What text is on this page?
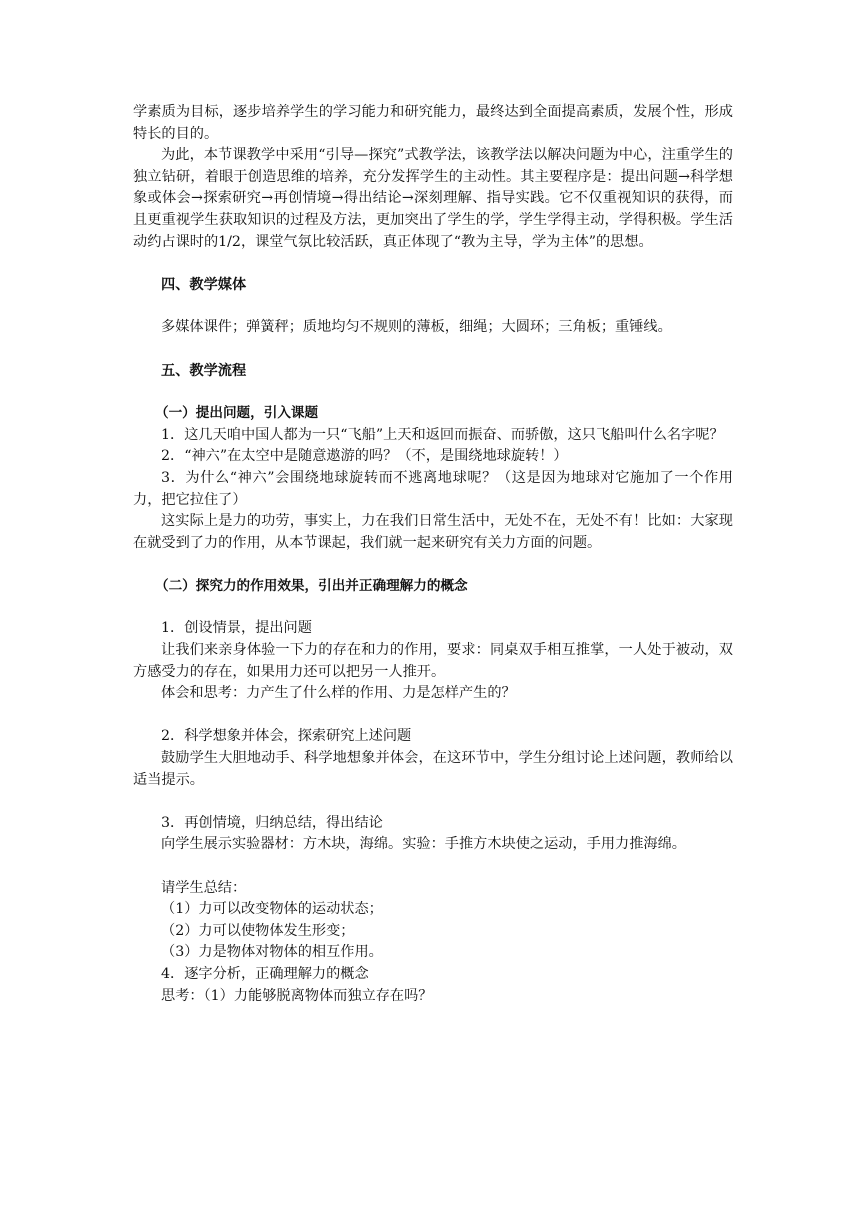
学素质为目标，逐步培养学生的学习能力和研究能力，最终达到全面提高素质，发展个性，形成特长的目的。

为此，本节课教学中采用“引导—探究”式教学法，该教学法以解决问题为中心，注重学生的独立钻研，着眼于创造思维的培养，充分发挥学生的主动性。其主要程序是：提出问题→科学想象或体会→探索研究→再创情境→得出结论→深刻理解、指导实践。它不仅重视知识的获得，而且更重视学生获取知识的过程及方法，更加突出了学生的学，学生学得主动，学得积极。学生活动约占课时的1/2，课堂气氛比较活跃，真正体现了“教为主导，学为主体”的思想。

四、教学媒体

多媒体课件；弹簧秤；质地均匀不规则的薄板，细绳；大圆环；三角板；重锤线。

五、教学流程

（一）提出问题，引入课题

1．这几天咱中国人都为一只“飞船”上天和返回而振奋、而骄傲，这只飞船叫什么名字呢？

2．“神六”在太空中是随意遨游的吗？（不，是围绕地球旋转！）

3．为什么“神六”会围绕地球旋转而不逃离地球呢？（这是因为地球对它施加了一个作用力，把它拉住了）

这实际上是力的功劳，事实上，力在我们日常生活中，无处不在，无处不有！比如：大家现在就受到了力的作用，从本节课起，我们就一起来研究有关力方面的问题。

（二）探究力的作用效果，引出并正确理解力的概念

1．创设情景，提出问题

让我们来亲身体验一下力的存在和力的作用，要求：同桌双手相互推掌，一人处于被动，双方感受力的存在，如果用力还可以把另一人推开。

体会和思考：力产生了什么样的作用、力是怎样产生的？

2．科学想象并体会，探索研究上述问题

鼓励学生大胆地动手、科学地想象并体会，在这环节中，学生分组讨论上述问题，教师给以适当提示。

3．再创情境，归纳总结，得出结论

向学生展示实验器材：方木块，海绵。实验：手推方木块使之运动，手用力推海绵。

请学生总结：

（1）力可以改变物体的运动状态；

（2）力可以使物体发生形变；

（3）力是物体对物体的相互作用。

4．逐字分析，正确理解力的概念

思考：（1）力能够脱离物体而独立存在吗？
